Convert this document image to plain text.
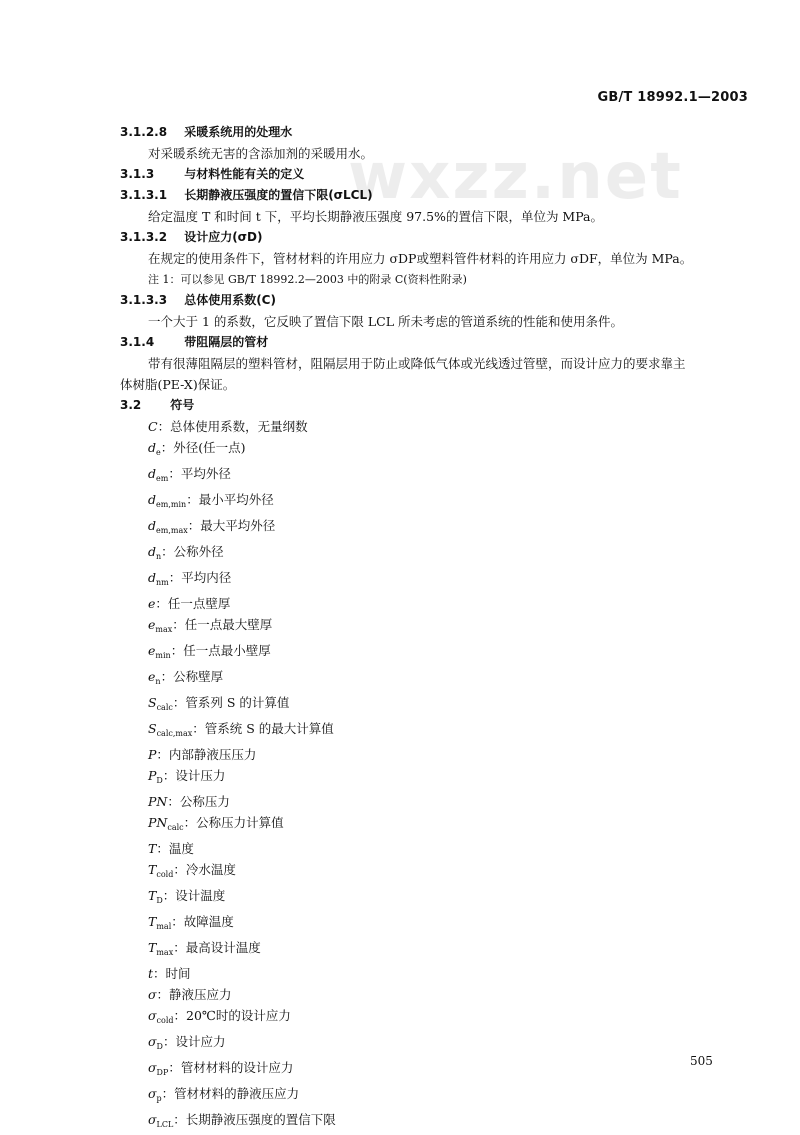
GB/T 18992.1—2003
wxzz.net
3.1.2.8 采暖系统用的处理水
对采暖系统无害的含添加剂的采暖用水。
3.1.3	与材料性能有关的定义
3.1.3.1 长期静液压强度的置信下限(σLCL)
给定温度 T 和时间 t 下，平均长期静液压强度 97.5%的置信下限，单位为 MPa。
3.1.3.2 设计应力(σD)
在规定的使用条件下，管材材料的许用应力 σDP或塑料管件材料的许用应力 σDF，单位为 MPa。
注 1：可以参见 GB/T 18992.2—2003 中的附录 C(资料性附录)
3.1.3.3 总体使用系数(C)
一个大于 1 的系数，它反映了置信下限 LCL 所未考虑的管道系统的性能和使用条件。
3.1.4	带阻隔层的管材
带有很薄阻隔层的塑料管材，阻隔层用于防止或降低气体或光线透过管壁，而设计应力的要求靠主
体树脂(PE-X)保证。
3.2 符号
C：总体使用系数，无量纲数
$d_e$：外径(任一点)
$d_{em}$：平均外径
$d_{em,min}$：最小平均外径
$d_{em,max}$：最大平均外径
$d_n$：公称外径
$d_{nm}$：平均内径
e：任一点壁厚
$e_{max}$：任一点最大壁厚
$e_{min}$：任一点最小壁厚
$e_n$：公称壁厚
$S_{calc}$：管系列 S 的计算值
$S_{calc,max}$：管系统 S 的最大计算值
P：内部静液压压力
$P_D$：设计压力
PN：公称压力
$PN_{calc}$：公称压力计算值
T：温度
$T_{cold}$：冷水温度
$T_D$：设计温度
$T_{mal}$：故障温度
$T_{max}$：最高设计温度
t：时间
σ：静液压应力
$\sigma_{cold}$：20℃时的设计应力
$\sigma_D$：设计应力
$\sigma_{DP}$：管材材料的设计应力
$\sigma_p$：管材材料的静液压应力
$\sigma_{LCL}$：长期静液压强度的置信下限
505
